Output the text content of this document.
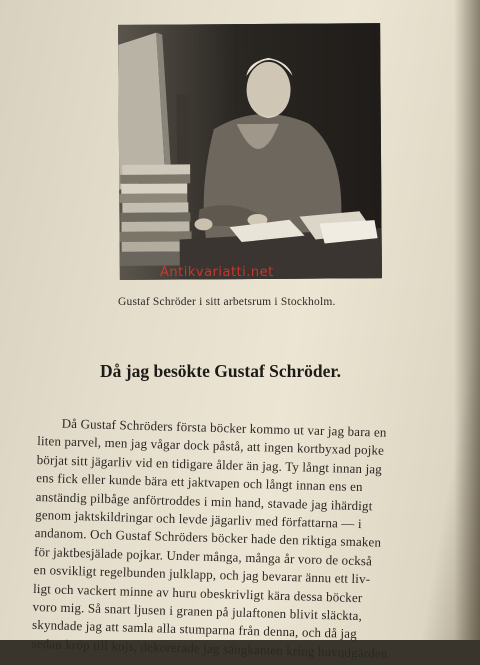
Antikvariatti.net
Gustaf Schröder i sitt arbetsrum i Stockholm.
Då jag besökte Gustaf Schröder.
Då Gustaf Schröders första böcker kommo ut var jag bara en
liten parvel, men jag vågar dock påstå, att ingen kortbyxad pojke
börjat sitt jägarliv vid en tidigare ålder än jag. Ty långt innan jag
ens fick eller kunde bära ett jaktvapen och långt innan ens en
anständig pilbåge anförtroddes i min hand, stavade jag ihärdigt
genom jaktskildringar och levde jägarliv med författarna — i
andanom. Och Gustaf Schröders böcker hade den riktiga smaken
för jaktbesjälade pojkar. Under många, många år voro de också
en osvikligt regelbunden julklapp, och jag bevarar ännu ett liv-
ligt och vackert minne av huru obeskrivligt kära dessa böcker
voro mig. Så snart ljusen i granen på julaftonen blivit släckta,
skyndade jag att samla alla stumparna från denna, och då jag
sedan kröp till kojs, dekorerade jag sängkanten kring huvudgärden
